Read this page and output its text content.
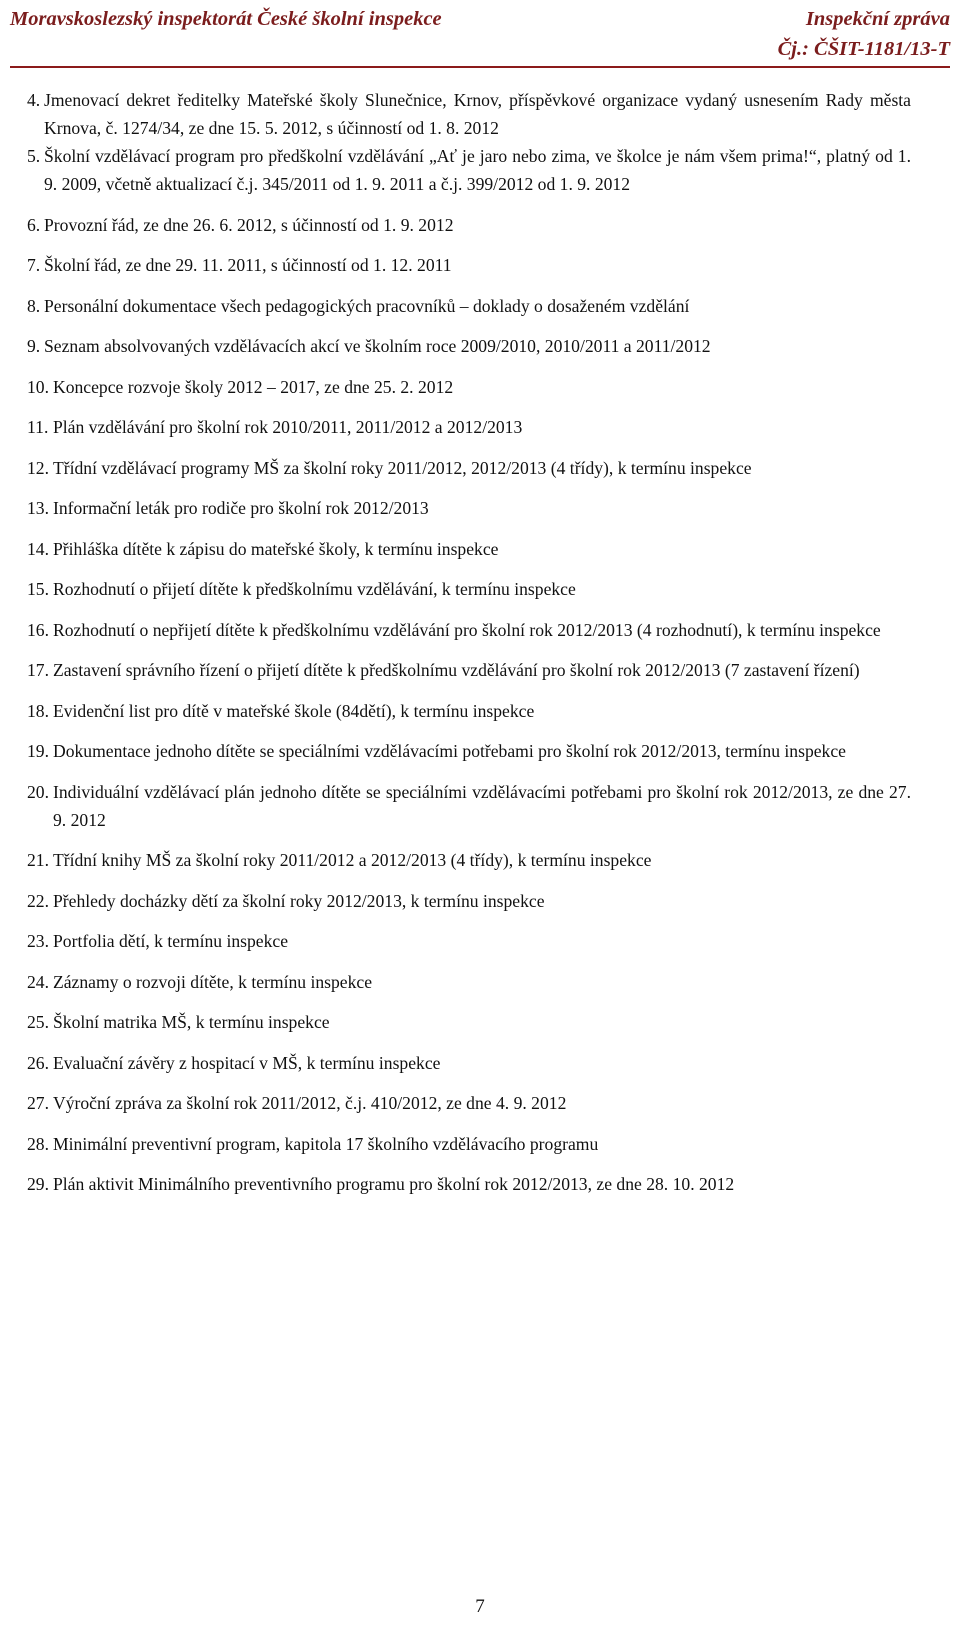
Moravskoslezský inspektorát České školní inspekce	Inspekční zpráva
Čj.: ČŠIT-1181/13-T
4. Jmenovací dekret ředitelky Mateřské školy Slunečnice, Krnov, příspěvkové organizace vydaný usnesením Rady města Krnova, č. 1274/34, ze dne 15. 5. 2012, s účinností od 1. 8. 2012
5. Školní vzdělávací program pro předškolní vzdělávání „Ať je jaro nebo zima, ve školce je nám všem prima!“, platný od 1. 9. 2009, včetně aktualizací č.j. 345/2011 od 1. 9. 2011 a č.j. 399/2012 od 1. 9. 2012
6. Provozní řád, ze dne 26. 6. 2012, s účinností od 1. 9. 2012
7. Školní řád, ze dne 29. 11. 2011, s účinností od 1. 12. 2011
8. Personální dokumentace všech pedagogických pracovníků – doklady o dosaženém vzdělání
9. Seznam absolvovaných vzdělávacích akcí ve školním roce 2009/2010, 2010/2011 a 2011/2012
10. Koncepce rozvoje školy 2012 – 2017, ze dne 25. 2. 2012
11. Plán vzdělávání pro školní rok 2010/2011, 2011/2012 a 2012/2013
12. Třídní vzdělávací programy MŠ za školní roky 2011/2012, 2012/2013 (4 třídy), k termínu inspekce
13. Informační leták pro rodiče pro školní rok 2012/2013
14. Přihláška dítěte k zápisu do mateřské školy, k termínu inspekce
15. Rozhodnutí o přijetí dítěte k předškolnímu vzdělávání, k termínu inspekce
16. Rozhodnutí o nepřijetí dítěte k předškolnímu vzdělávání pro školní rok 2012/2013 (4 rozhodnutí), k termínu inspekce
17. Zastavení správního řízení o přijetí dítěte k předškolnímu vzdělávání pro školní rok 2012/2013 (7 zastavení řízení)
18. Evidenční list pro dítě v mateřské škole (84dětí), k termínu inspekce
19. Dokumentace jednoho dítěte se speciálními vzdělávacími potřebami pro školní rok 2012/2013, termínu inspekce
20. Individuální vzdělávací plán jednoho dítěte se speciálními vzdělávacími potřebami pro školní rok 2012/2013, ze dne 27. 9. 2012
21. Třídní knihy MŠ za školní roky 2011/2012 a 2012/2013 (4 třídy), k termínu inspekce
22. Přehledy docházky dětí za školní roky 2012/2013, k termínu inspekce
23. Portfolia dětí, k termínu inspekce
24. Záznamy o rozvoji dítěte, k termínu inspekce
25. Školní matrika MŠ, k termínu inspekce
26. Evaluační závěry z hospitací v MŠ, k termínu inspekce
27. Výroční zpráva za školní rok 2011/2012, č.j. 410/2012, ze dne 4. 9. 2012
28. Minimální preventivní program, kapitola 17 školního vzdělávacího programu
29. Plán aktivit Minimálního preventivního programu pro školní rok 2012/2013, ze dne 28. 10. 2012
7
